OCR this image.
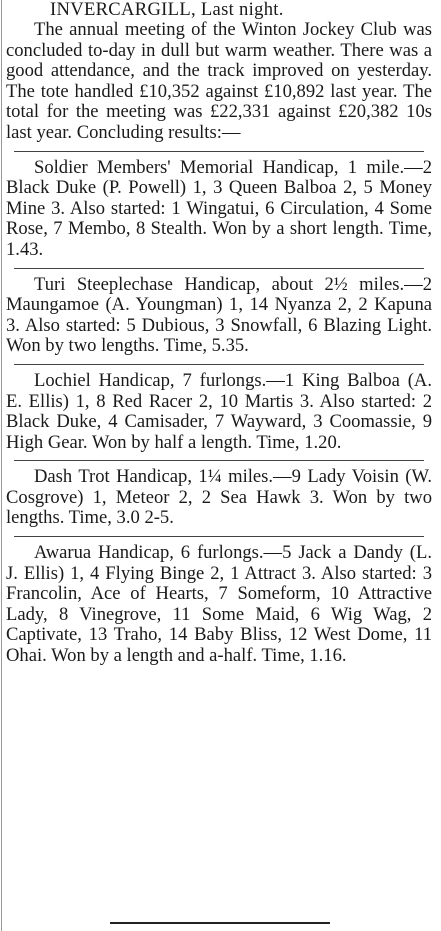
INVERCARGILL, Last night.

The annual meeting of the Winton Jockey Club was concluded to-day in dull but warm weather. There was a good attendance, and the track improved on yesterday. The tote handled £10,352 against £10,892 last year. The total for the meeting was £22,331 against £20,382 10s last year. Concluding results:—

Soldier Members' Memorial Handicap, 1 mile.—2 Black Duke (P. Powell) 1, 3 Queen Balboa 2, 5 Money Mine 3. Also started: 1 Wingatui, 6 Circulation, 4 Some Rose, 7 Membo, 8 Stealth. Won by a short length. Time, 1.43.

Turi Steeplechase Handicap, about 2½ miles.—2 Maungamoe (A. Youngman) 1, 14 Nyanza 2, 2 Kapuna 3. Also started: 5 Dubious, 3 Snowfall, 6 Blazing Light. Won by two lengths. Time, 5.35.

Lochiel Handicap, 7 furlongs.—1 King Balboa (A. E. Ellis) 1, 8 Red Racer 2, 10 Martis 3. Also started: 2 Black Duke, 4 Camisader, 7 Wayward, 3 Coomassie, 9 High Gear. Won by half a length. Time, 1.20.

Dash Trot Handicap, 1¼ miles.—9 Lady Voisin (W. Cosgrove) 1, Meteor 2, 2 Sea Hawk 3. Won by two lengths. Time, 3.0 2-5.

Awarua Handicap, 6 furlongs.—5 Jack a Dandy (L. J. Ellis) 1, 4 Flying Binge 2, 1 Attract 3. Also started: 3 Francolin, Ace of Hearts, 7 Someform, 10 Attractive Lady, 8 Vinegrove, 11 Some Maid, 6 Wig Wag, 2 Captivate, 13 Traho, 14 Baby Bliss, 12 West Dome, 11 Ohai. Won by a length and a-half. Time, 1.16.
